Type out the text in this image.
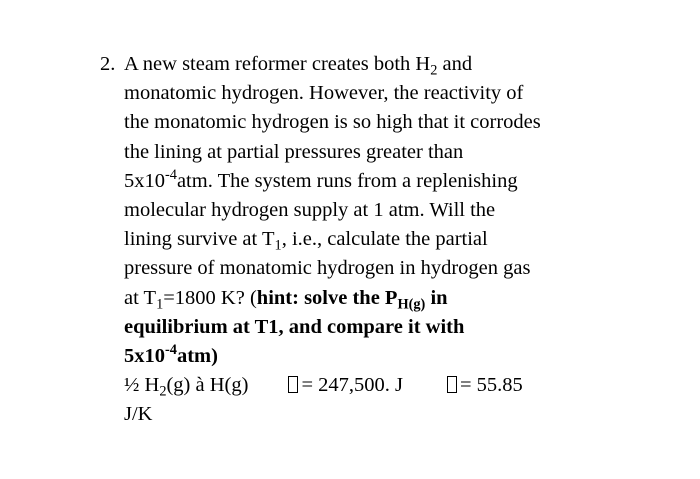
2. A new steam reformer creates both $H_2$ and
monatomic hydrogen. However, the reactivity of
the monatomic hydrogen is so high that it corrodes
the lining at partial pressures greater than
$5x10^{-4}atm$. The system runs from a replenishing
molecular hydrogen supply at 1 atm. Will the
lining survive at $T_1$, i.e., calculate the partial
pressure of monatomic hydrogen in hydrogen gas
at $T_1=1800$ K? (hint: solve the $P_{H(g)}$ in
equilibrium at T1, and compare it with
$5x10^{-4}atm$)
½ $H_2(g)$ à H(g)	= 247,500. J	= 55.85
J/K
